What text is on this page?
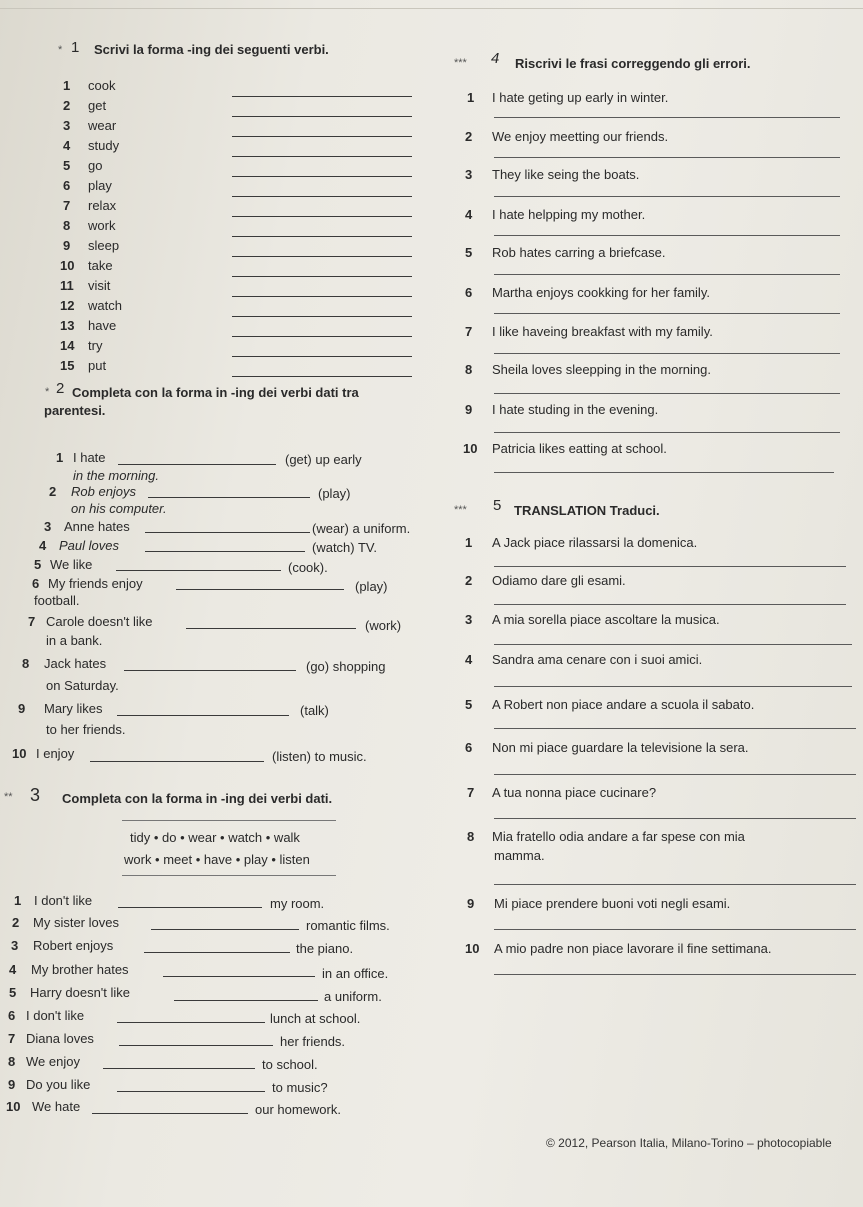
* 1 Scrivi la forma -ing dei seguenti verbi.
1 cook
2 get
3 wear
4 study
5 go
6 play
7 relax
8 work
9 sleep
10 take
11 visit
12 watch
13 have
14 try
15 put
* 2 Completa con la forma in -ing dei verbi dati tra
parentesi.
1 I hate	(get) up early
in the morning.
2 Rob enjoys	(play)
on his computer.
3 Anne hates	(wear) a uniform.
4 Paul loves	(watch) TV.
5 We like	(cook).
6 My friends enjoy	(play)
football.
7 Carole doesn't like	(work)
in a bank.
8 Jack hates	(go) shopping
on Saturday.
9 Mary likes	(talk)
to her friends.
10 I enjoy	(listen) to music.
** 3 Completa con la forma in -ing dei verbi dati.
tidy • do • wear • watch • walk
work • meet • have • play • listen
1 I don't like	my room.
2 My sister loves	romantic films.
3 Robert enjoys	the piano.
4 My brother hates	in an office.
5 Harry doesn't like	a uniform.
6 I don't like	lunch at school.
7 Diana loves	her friends.
8 We enjoy	to school.
9 Do you like	to music?
10 We hate	our homework.
*** 4 Riscrivi le frasi correggendo gli errori.
1 I hate geting up early in winter.
2 We enjoy meetting our friends.
3 They like seing the boats.
4 I hate helpping my mother.
5 Rob hates carring a briefcase.
6 Martha enjoys cookking for her family.
7 I like haveing breakfast with my family.
8 Sheila loves sleepping in the morning.
9 I hate studing in the evening.
10 Patricia likes eatting at school.
*** 5 TRANSLATION Traduci.
1 A Jack piace rilassarsi la domenica.
2 Odiamo dare gli esami.
3 A mia sorella piace ascoltare la musica.
4 Sandra ama cenare con i suoi amici.
5 A Robert non piace andare a scuola il sabato.
6 Non mi piace guardare la televisione la sera.
7 A tua nonna piace cucinare?
8 Mia fratello odia andare a far spese con mia
mamma.
9 Mi piace prendere buoni voti negli esami.
10 A mio padre non piace lavorare il fine settimana.
© 2012, Pearson Italia, Milano-Torino – photocopiable
